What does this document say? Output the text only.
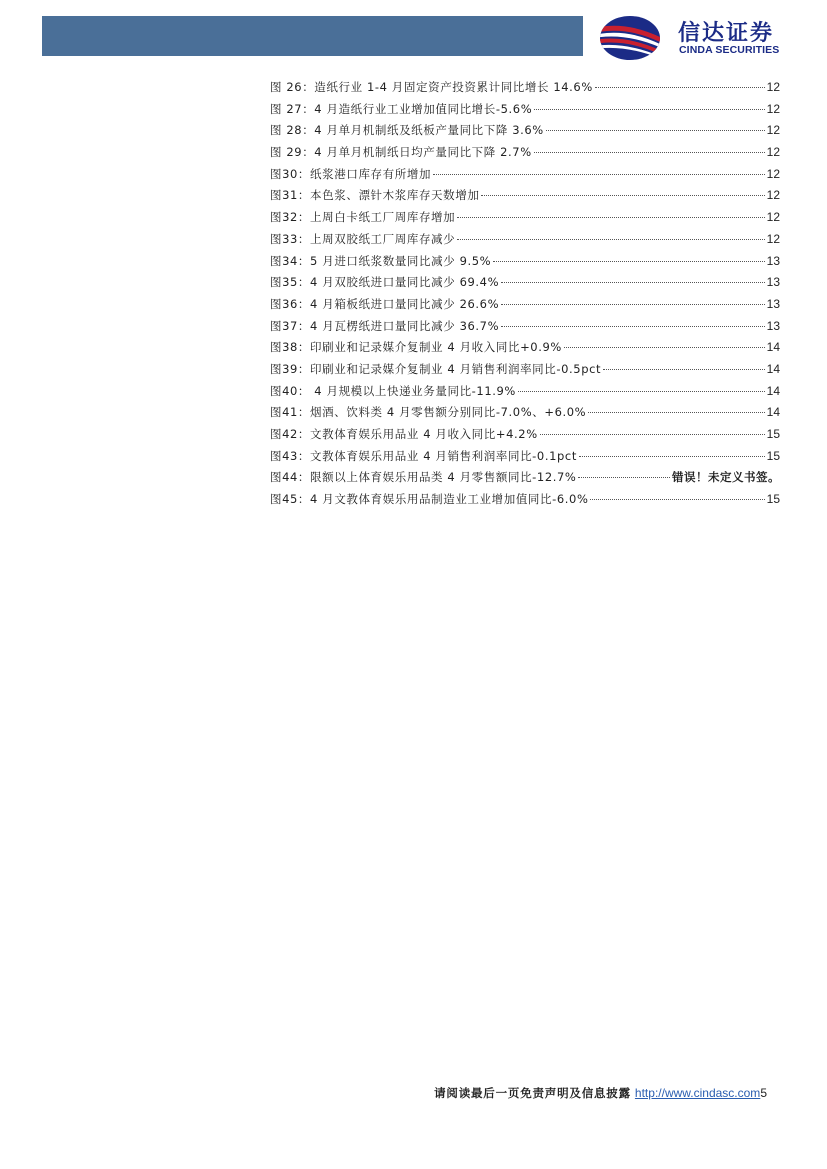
信达证券
CINDA SECURITIES
图 26： 造纸行业 1-4 月固定资产投资累计同比增长 14.6%	12
图 27： 4 月造纸行业工业增加值同比增长-5.6%	12
图 28： 4 月单月机制纸及纸板产量同比下降 3.6%	12
图 29： 4 月单月机制纸日均产量同比下降 2.7%	12
图30： 纸浆港口库存有所增加	12
图31： 本色浆、漂针木浆库存天数增加	12
图32： 上周白卡纸工厂周库存增加	12
图33： 上周双胶纸工厂周库存减少	12
图34： 5 月进口纸浆数量同比减少 9.5%	13
图35： 4 月双胶纸进口量同比减少 69.4%	13
图36： 4 月箱板纸进口量同比减少 26.6%	13
图37： 4 月瓦楞纸进口量同比减少 36.7%	13
图38： 印刷业和记录媒介复制业 4 月收入同比+0.9%	14
图39： 印刷业和记录媒介复制业 4 月销售利润率同比-0.5pct	14
图40： 4 月规模以上快递业务量同比-11.9%	14
图41： 烟酒、饮料类 4 月零售额分别同比-7.0%、+6.0%	14
图42： 文教体育娱乐用品业 4 月收入同比+4.2%	15
图43： 文教体育娱乐用品业 4 月销售利润率同比-0.1pct	15
图44： 限额以上体育娱乐用品类 4 月零售额同比-12.7%	错误！未定义书签。
图45： 4 月文教体育娱乐用品制造业工业增加值同比-6.0%	15
请阅读最后一页免责声明及信息披露 http://www.cindasc.com 5
